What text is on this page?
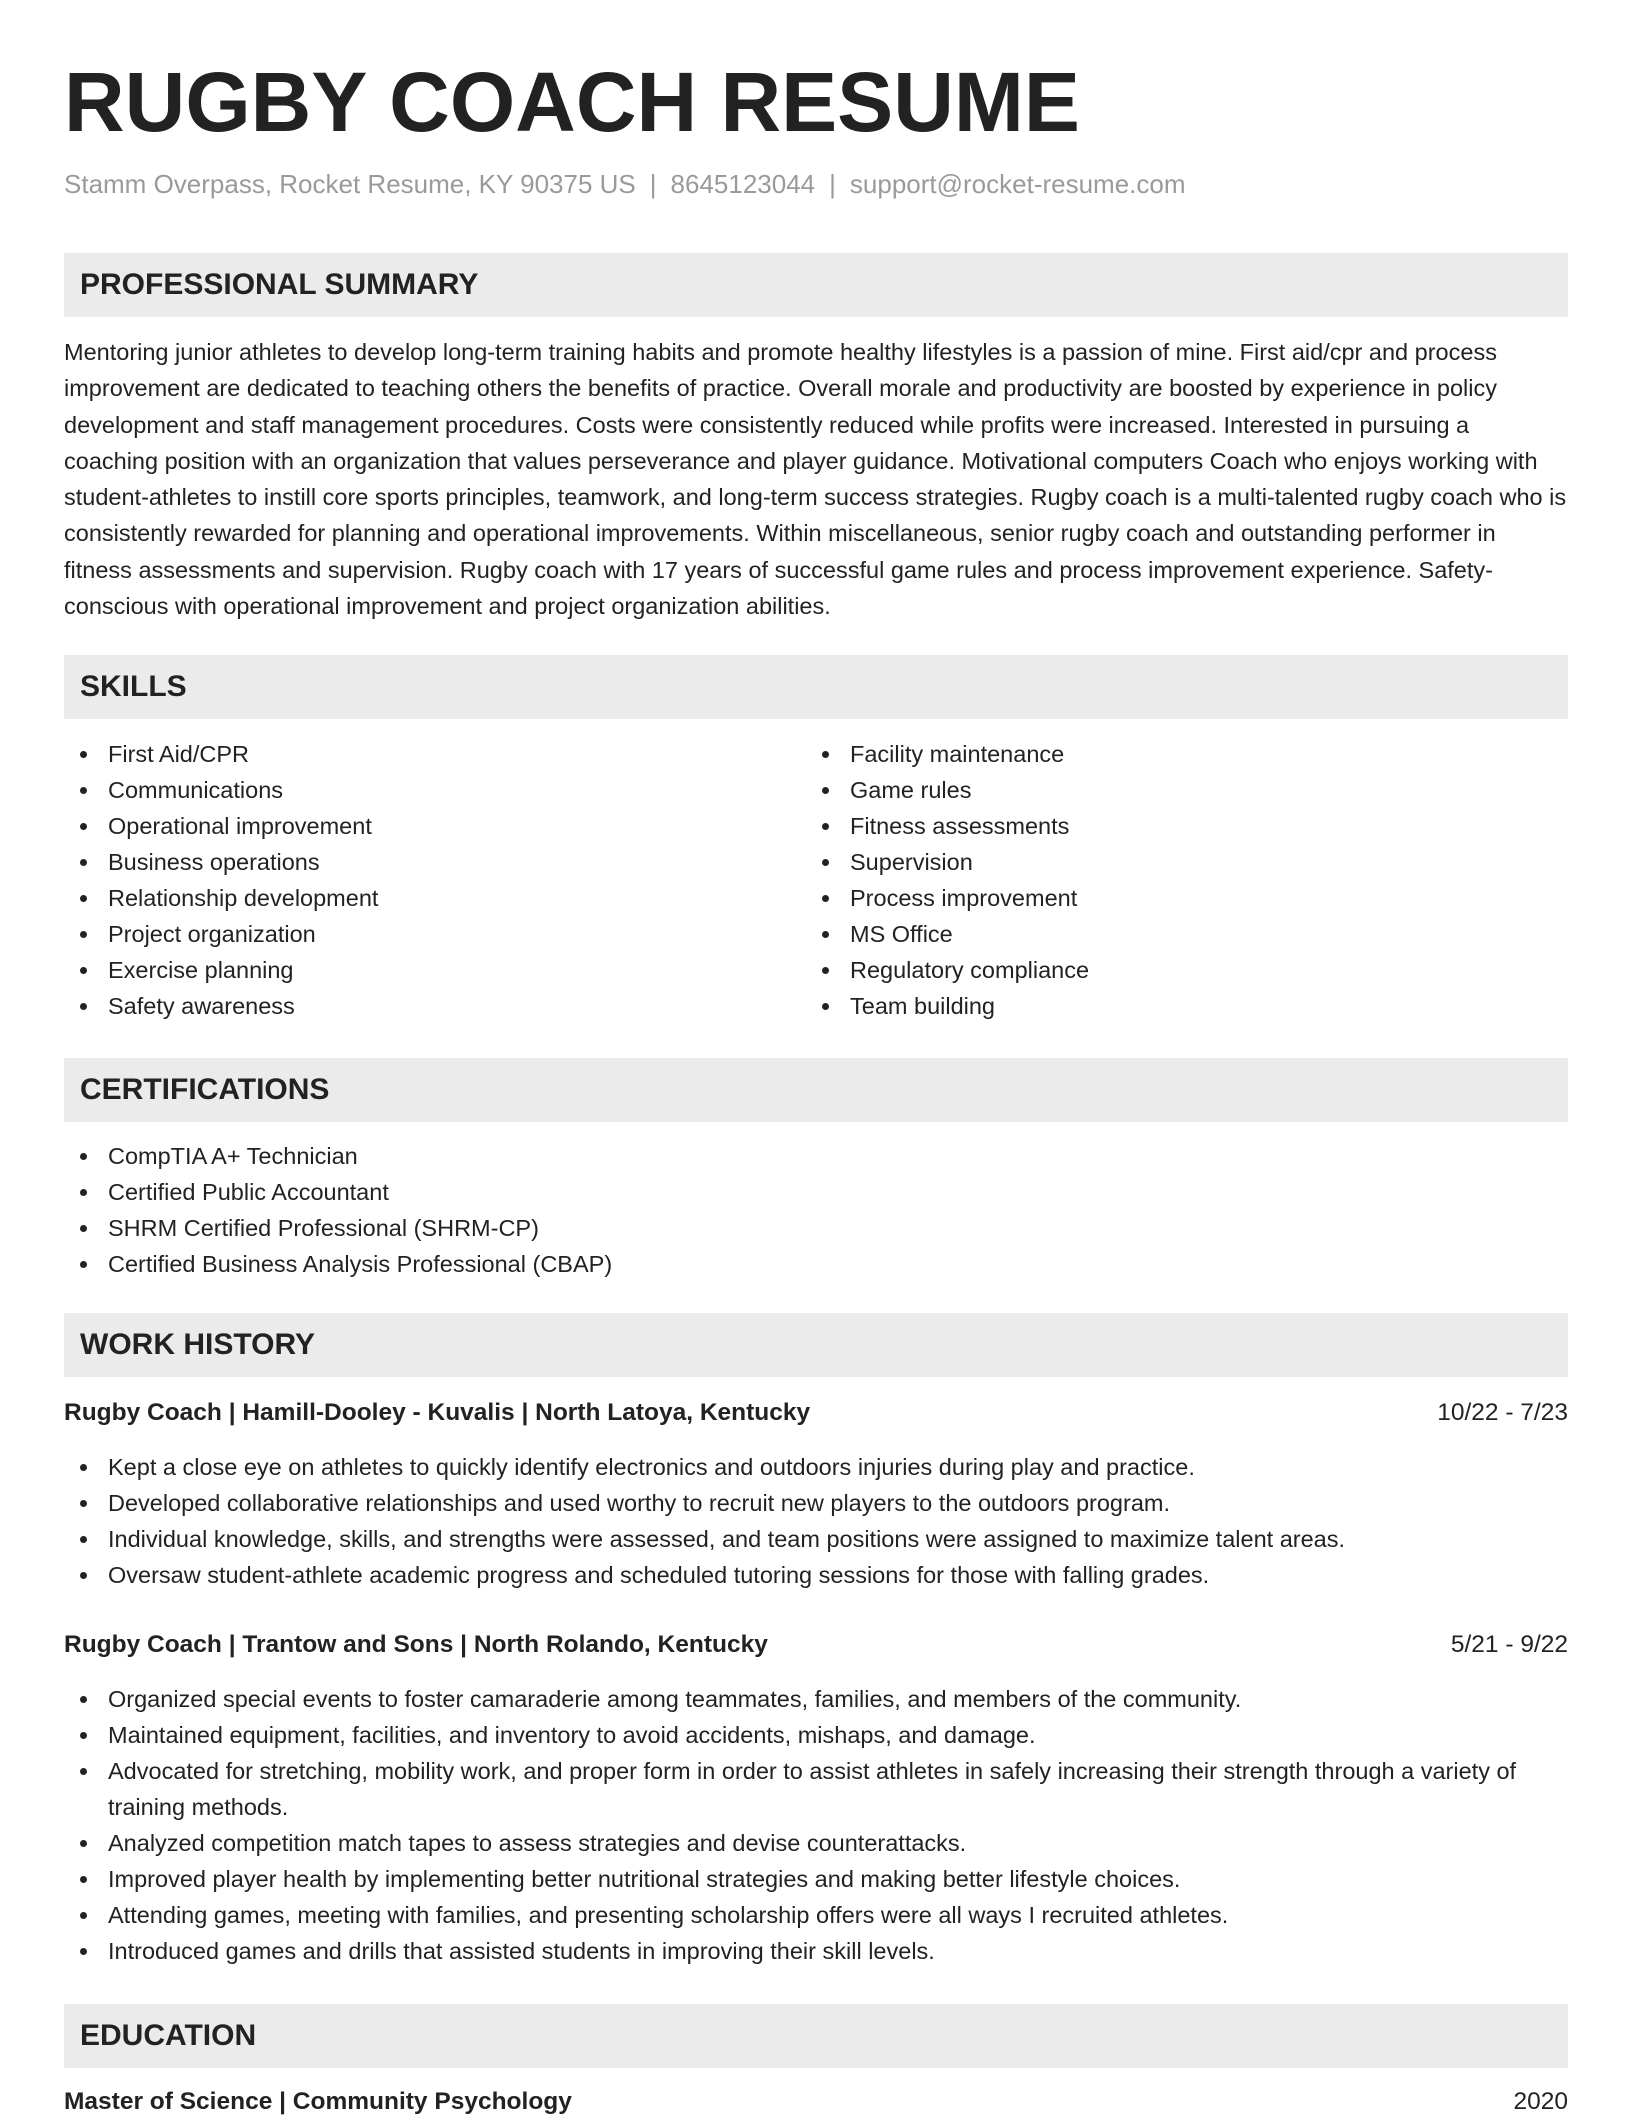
RUGBY COACH RESUME
Stamm Overpass, Rocket Resume, KY 90375 US | 8645123044 | support@rocket-resume.com
PROFESSIONAL SUMMARY

Mentoring junior athletes to develop long-term training habits and promote healthy lifestyles is a passion of mine. First aid/cpr and process improvement are dedicated to teaching others the benefits of practice. Overall morale and productivity are boosted by experience in policy development and staff management procedures. Costs were consistently reduced while profits were increased. Interested in pursuing a coaching position with an organization that values perseverance and player guidance. Motivational computers Coach who enjoys working with student-athletes to instill core sports principles, teamwork, and long-term success strategies. Rugby coach is a multi-talented rugby coach who is consistently rewarded for planning and operational improvements. Within miscellaneous, senior rugby coach and outstanding performer in fitness assessments and supervision. Rugby coach with 17 years of successful game rules and process improvement experience. Safety-conscious with operational improvement and project organization abilities.

SKILLS
First Aid/CPR
Communications
Operational improvement
Business operations
Relationship development
Project organization
Exercise planning
Safety awareness
Facility maintenance
Game rules
Fitness assessments
Supervision
Process improvement
MS Office
Regulatory compliance
Team building
CERTIFICATIONS
CompTIA A+ Technician
Certified Public Accountant
SHRM Certified Professional (SHRM-CP)
Certified Business Analysis Professional (CBAP)
WORK HISTORY
Rugby Coach | Hamill-Dooley - Kuvalis | North Latoya, Kentucky	10/22 - 7/23
Kept a close eye on athletes to quickly identify electronics and outdoors injuries during play and practice.
Developed collaborative relationships and used worthy to recruit new players to the outdoors program.
Individual knowledge, skills, and strengths were assessed, and team positions were assigned to maximize talent areas.
Oversaw student-athlete academic progress and scheduled tutoring sessions for those with falling grades.
Rugby Coach | Trantow and Sons | North Rolando, Kentucky	5/21 - 9/22
Organized special events to foster camaraderie among teammates, families, and members of the community.
Maintained equipment, facilities, and inventory to avoid accidents, mishaps, and damage.
Advocated for stretching, mobility work, and proper form in order to assist athletes in safely increasing their strength through a variety of training methods.
Analyzed competition match tapes to assess strategies and devise counterattacks.
Improved player health by implementing better nutritional strategies and making better lifestyle choices.
Attending games, meeting with families, and presenting scholarship offers were all ways I recruited athletes.
Introduced games and drills that assisted students in improving their skill levels.
EDUCATION
Master of Science | Community Psychology	2020
